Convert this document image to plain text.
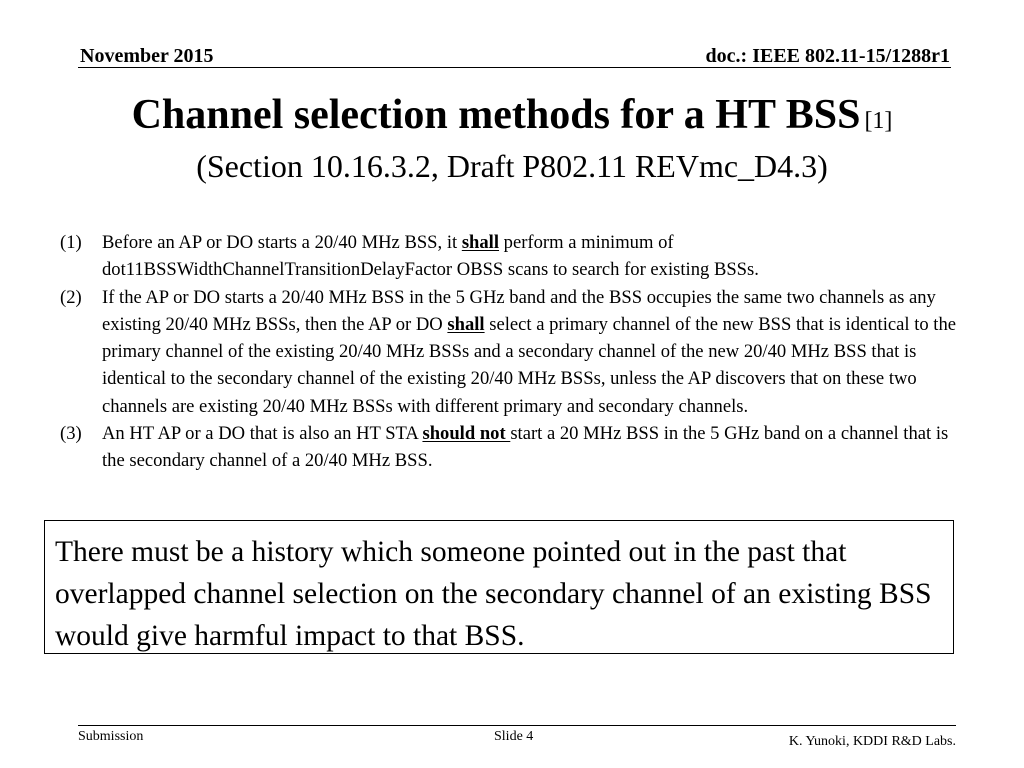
November 2015	doc.: IEEE 802.11-15/1288r1
Channel selection methods for a HT BSS [1]
(Section 10.16.3.2, Draft P802.11 REVmc_D4.3)
(1) Before an AP or DO starts a 20/40 MHz BSS, it shall perform a minimum of dot11BSSWidthChannelTransitionDelayFactor OBSS scans to search for existing BSSs.
(2) If the AP or DO starts a 20/40 MHz BSS in the 5 GHz band and the BSS occupies the same two channels as any existing 20/40 MHz BSSs, then the AP or DO shall select a primary channel of the new BSS that is identical to the primary channel of the existing 20/40 MHz BSSs and a secondary channel of the new 20/40 MHz BSS that is identical to the secondary channel of the existing 20/40 MHz BSSs, unless the AP discovers that on these two channels are existing 20/40 MHz BSSs with different primary and secondary channels.
(3) An HT AP or a DO that is also an HT STA should not start a 20 MHz BSS in the 5 GHz band on a channel that is the secondary channel of a 20/40 MHz BSS.
There must be a history which someone pointed out in the past that overlapped channel selection on the secondary channel of an existing BSS would give harmful impact to that BSS.
Submission	Slide 4	K. Yunoki, KDDI R&D Labs.
